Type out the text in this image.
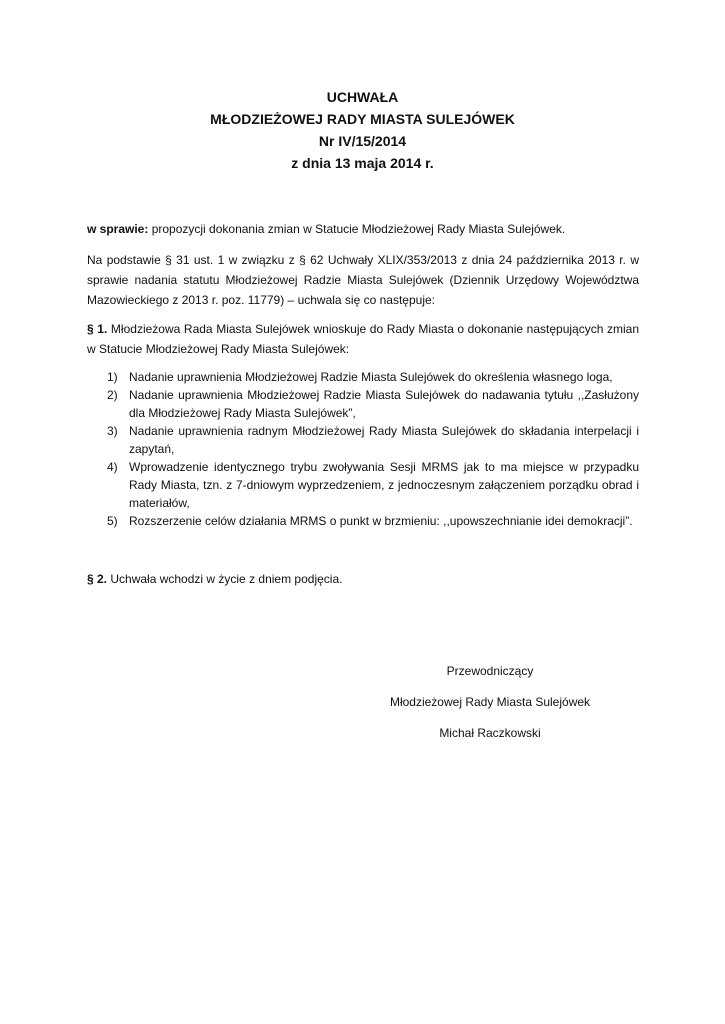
UCHWAŁA
MŁODZIEŻOWEJ RADY MIASTA SULEJÓWEK
Nr IV/15/2014
z dnia 13 maja 2014 r.

w sprawie: propozycji dokonania zmian w Statucie Młodzieżowej Rady Miasta Sulejówek.

Na podstawie § 31 ust. 1 w związku z § 62 Uchwały XLIX/353/2013 z dnia 24 października 2013 r. w sprawie nadania statutu Młodzieżowej Radzie Miasta Sulejówek (Dziennik Urzędowy Województwa Mazowieckiego z 2013 r. poz. 11779) – uchwala się co następuje:

§ 1. Młodzieżowa Rada Miasta Sulejówek wnioskuje do Rady Miasta o dokonanie następujących zmian w Statucie Młodzieżowej Rady Miasta Sulejówek:

1) Nadanie uprawnienia Młodzieżowej Radzie Miasta Sulejówek do określenia własnego loga,
2) Nadanie uprawnienia Młodzieżowej Radzie Miasta Sulejówek do nadawania tytułu ,,Zasłużony dla Młodzieżowej Rady Miasta Sulejówek”,
3) Nadanie uprawnienia radnym Młodzieżowej Rady Miasta Sulejówek do składania interpelacji i zapytań,
4) Wprowadzenie identycznego trybu zwoływania Sesji MRMS jak to ma miejsce w przypadku Rady Miasta, tzn. z 7-dniowym wyprzedzeniem, z jednoczesnym załączeniem porządku obrad i materiałów,
5) Rozszerzenie celów działania MRMS o punkt w brzmieniu: ,,upowszechnianie idei demokracji”.

§ 2. Uchwała wchodzi w życie z dniem podjęcia.

Przewodniczący
Młodzieżowej Rady Miasta Sulejówek
Michał Raczkowski
